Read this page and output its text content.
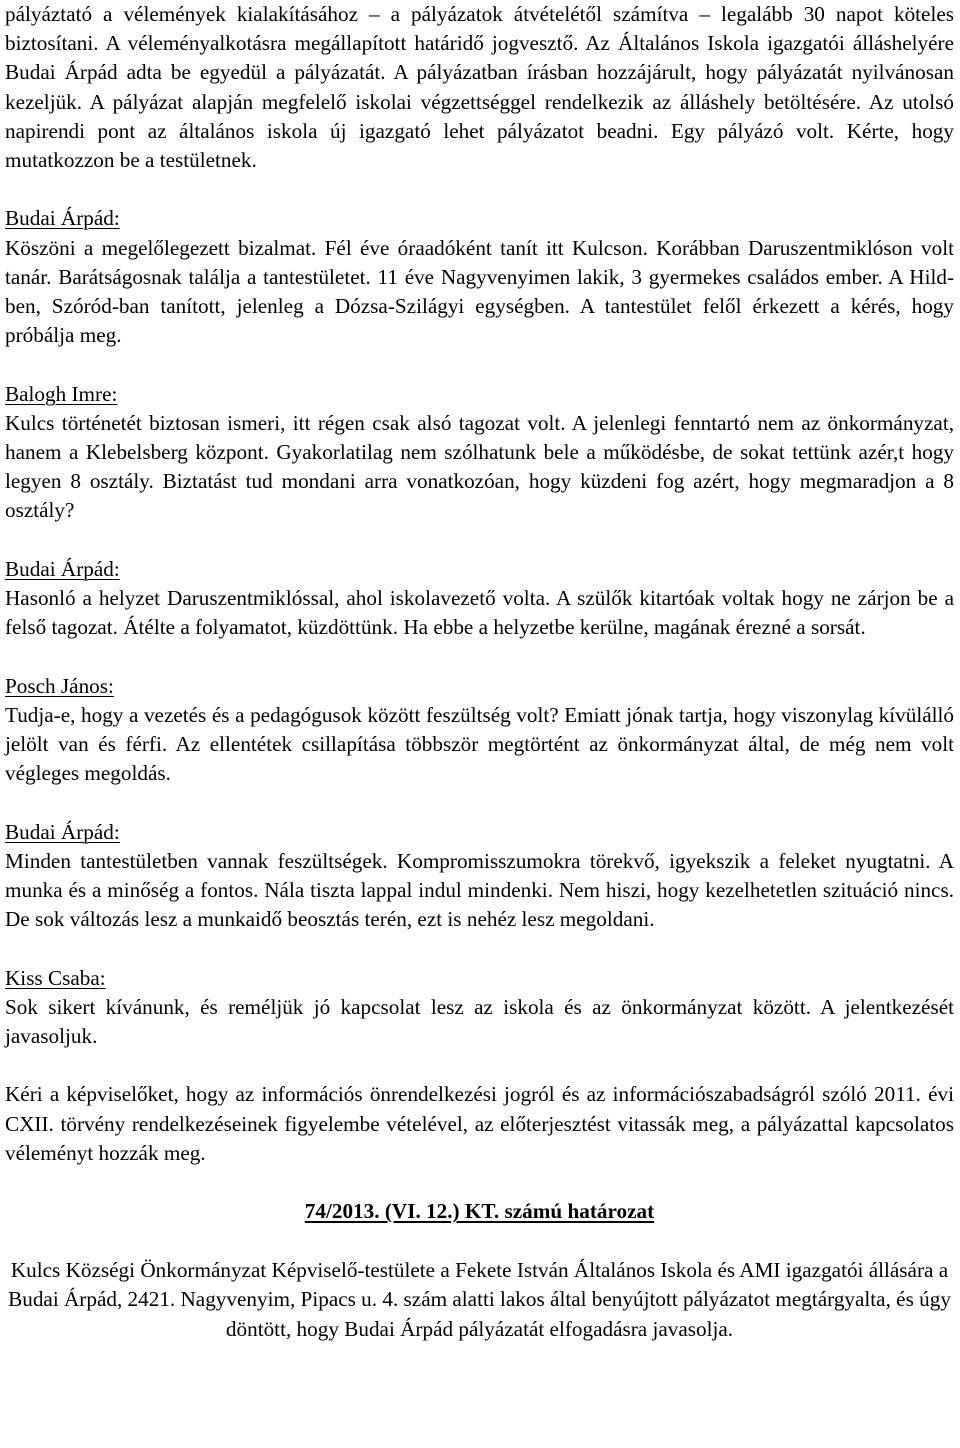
pályáztató a vélemények kialakításához – a pályázatok átvételétől számítva – legalább 30 napot köteles biztosítani. A véleményalkotásra megállapított határidő jogvesztő. Az Általános Iskola igazgatói álláshelyére Budai Árpád adta be egyedül a pályázatát. A pályázatban írásban hozzájárult, hogy pályázatát nyilvánosan kezeljük. A pályázat alapján megfelelő iskolai végzettséggel rendelkezik az álláshely betöltésére. Az utolsó napirendi pont az általános iskola új igazgató lehet pályázatot beadni. Egy pályázó volt. Kérte, hogy mutatkozzon be a testületnek.

Budai Árpád:

Köszöni a megelőlegezett bizalmat. Fél éve óraadóként tanít itt Kulcson. Korábban Daruszentmiklóson volt tanár. Barátságosnak találja a tantestületet. 11 éve Nagyvenyimen lakik, 3 gyermekes családos ember. A Hild-ben, Szóród-ban tanított, jelenleg a Dózsa-Szilágyi egységben. A tantestület felől érkezett a kérés, hogy próbálja meg.

Balogh Imre:

Kulcs történetét biztosan ismeri, itt régen csak alsó tagozat volt. A jelenlegi fenntartó nem az önkormányzat, hanem a Klebelsberg központ. Gyakorlatilag nem szólhatunk bele a működésbe, de sokat tettünk azér,t hogy legyen 8 osztály. Biztatást tud mondani arra vonatkozóan, hogy küzdeni fog azért, hogy megmaradjon a 8 osztály?

Budai Árpád:

Hasonló a helyzet Daruszentmiklóssal, ahol iskolavezető volta. A szülők kitartóak voltak hogy ne zárjon be a felső tagozat. Átélte a folyamatot, küzdöttünk. Ha ebbe a helyzetbe kerülne, magának érezné a sorsát.

Posch János:

Tudja-e, hogy a vezetés és a pedagógusok között feszültség volt? Emiatt jónak tartja, hogy viszonylag kívülálló jelölt van és férfi. Az ellentétek csillapítása többször megtörtént az önkormányzat által, de még nem volt végleges megoldás.

Budai Árpád:

Minden tantestületben vannak feszültségek. Kompromisszumokra törekvő, igyekszik a feleket nyugtatni. A munka és a minőség a fontos. Nála tiszta lappal indul mindenki. Nem hiszi, hogy kezelhetetlen szituáció nincs. De sok változás lesz a munkaidő beosztás terén, ezt is nehéz lesz megoldani.

Kiss Csaba:

Sok sikert kívánunk, és reméljük jó kapcsolat lesz az iskola és az önkormányzat között. A jelentkezését javasoljuk.

Kéri a képviselőket, hogy az információs önrendelkezési jogról és az információszabadságról szóló 2011. évi CXII. törvény rendelkezéseinek figyelembe vételével, az előterjesztést vitassák meg, a pályázattal kapcsolatos véleményt hozzák meg.

74/2013. (VI. 12.) KT. számú határozat

Kulcs Községi Önkormányzat Képviselő-testülete a Fekete István Általános Iskola és AMI igazgatói állására a Budai Árpád, 2421. Nagyvenyim, Pipacs u. 4. szám alatti lakos által benyújtott pályázatot megtárgyalta, és úgy döntött, hogy Budai Árpád pályázatát elfogadásra javasolja.
